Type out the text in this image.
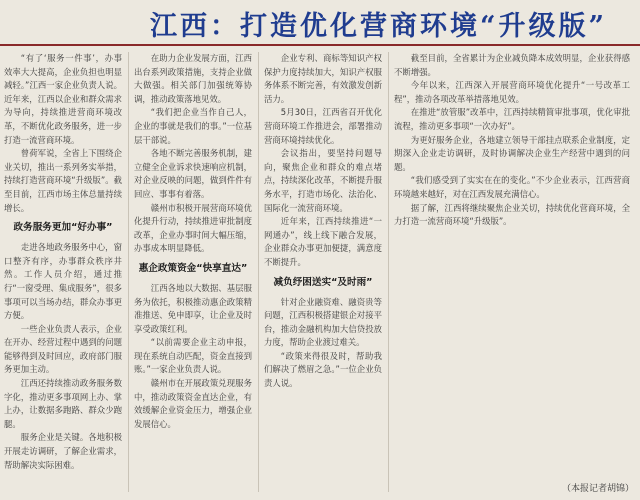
江西：打造优化营商环境“升级版”

“有了‘服务一件事’，办事效率大大提高，企业负担也明显减轻。”江西一家企业负责人说。近年来，江西以企业和群众需求为导向，持续推进营商环境改革，不断优化政务服务，进一步打造一流营商环境。

曾荷军说，全省上下围绕企业关切，推出一系列务实举措，持续打造营商环境“升级版”。截至目前，江西市场主体总量持续增长。

政务服务更加“好办事”

走进各地政务服务中心，窗口整齐有序，办事群众秩序井然。工作人员介绍，通过推行“一窗受理、集成服务”，很多事项可以当场办结，群众办事更方便。

一些企业负责人表示，企业在开办、经营过程中遇到的问题能够得到及时回应，政府部门服务更加主动。

江西还持续推动政务服务数字化，推动更多事项网上办、掌上办，让数据多跑路、群众少跑腿。

服务企业是关键。各地积极开展走访调研，了解企业需求，帮助解决实际困难。

在助力企业发展方面，江西出台系列政策措施，支持企业做大做强。相关部门加强统筹协调，推动政策落地见效。

“我们把企业当作自己人，企业的事就是我们的事。”一位基层干部说。

各地不断完善服务机制，建立健全企业诉求快速响应机制，对企业反映的问题，做到件件有回应、事事有着落。

赣州市积极开展营商环境优化提升行动，持续推进审批制度改革，企业办事时间大幅压缩，办事成本明显降低。

惠企政策资金“快享直达”

江西各地以大数据、基层服务为依托，积极推动惠企政策精准推送、免申即享，让企业及时享受政策红利。

“以前需要企业主动申报，现在系统自动匹配，资金直接到账。”一家企业负责人说。

赣州市在开展政策兑现服务中，推动政策资金直达企业，有效缓解企业资金压力，增强企业发展信心。

企业专利、商标等知识产权保护力度持续加大，知识产权服务体系不断完善，有效激发创新活力。

5月30日，江西省召开优化营商环境工作推进会，部署推动营商环境持续优化。

会议指出，要坚持问题导向，聚焦企业和群众的难点堵点，持续深化改革，不断提升服务水平，打造市场化、法治化、国际化一流营商环境。

近年来，江西持续推进“一网通办”，线上线下融合发展，企业群众办事更加便捷，满意度不断提升。

减负纾困送实“及时雨”

针对企业融资难、融资贵等问题，江西积极搭建银企对接平台，推动金融机构加大信贷投放力度，帮助企业渡过难关。

“政策来得很及时，帮助我们解决了燃眉之急。”一位企业负责人说。

截至目前，全省累计为企业减负降本成效明显，企业获得感不断增强。

今年以来，江西深入开展营商环境优化提升“一号改革工程”，推动各项改革举措落地见效。

在推进“放管服”改革中，江西持续精简审批事项，优化审批流程，推动更多事项“一次办好”。

为更好服务企业，各地建立领导干部挂点联系企业制度，定期深入企业走访调研，及时协调解决企业生产经营中遇到的问题。

“我们感受到了实实在在的变化。”不少企业表示，江西营商环境越来越好，对在江西发展充满信心。

据了解，江西将继续聚焦企业关切，持续优化营商环境，全力打造一流营商环境“升级版”。

（本报记者胡锦）
